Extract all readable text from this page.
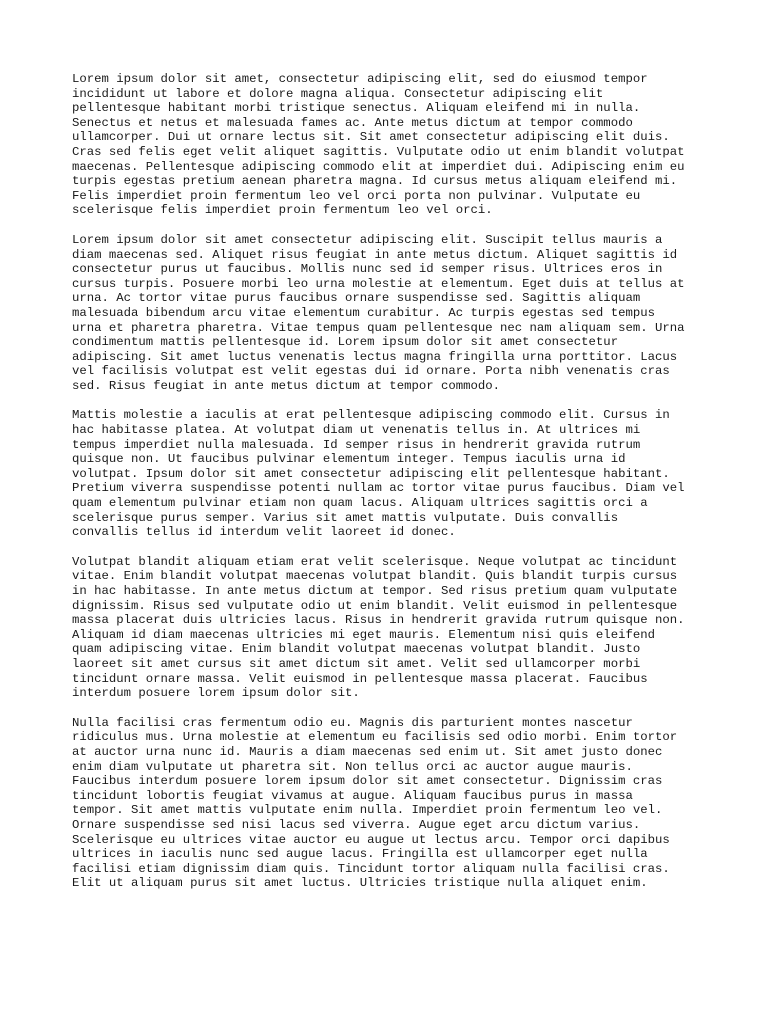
Lorem ipsum dolor sit amet, consectetur adipiscing elit, sed do eiusmod tempor
incididunt ut labore et dolore magna aliqua. Consectetur adipiscing elit
pellentesque habitant morbi tristique senectus. Aliquam eleifend mi in nulla.
Senectus et netus et malesuada fames ac. Ante metus dictum at tempor commodo
ullamcorper. Dui ut ornare lectus sit. Sit amet consectetur adipiscing elit duis.
Cras sed felis eget velit aliquet sagittis. Vulputate odio ut enim blandit volutpat
maecenas. Pellentesque adipiscing commodo elit at imperdiet dui. Adipiscing enim eu
turpis egestas pretium aenean pharetra magna. Id cursus metus aliquam eleifend mi.
Felis imperdiet proin fermentum leo vel orci porta non pulvinar. Vulputate eu
scelerisque felis imperdiet proin fermentum leo vel orci.
Lorem ipsum dolor sit amet consectetur adipiscing elit. Suscipit tellus mauris a
diam maecenas sed. Aliquet risus feugiat in ante metus dictum. Aliquet sagittis id
consectetur purus ut faucibus. Mollis nunc sed id semper risus. Ultrices eros in
cursus turpis. Posuere morbi leo urna molestie at elementum. Eget duis at tellus at
urna. Ac tortor vitae purus faucibus ornare suspendisse sed. Sagittis aliquam
malesuada bibendum arcu vitae elementum curabitur. Ac turpis egestas sed tempus
urna et pharetra pharetra. Vitae tempus quam pellentesque nec nam aliquam sem. Urna
condimentum mattis pellentesque id. Lorem ipsum dolor sit amet consectetur
adipiscing. Sit amet luctus venenatis lectus magna fringilla urna porttitor. Lacus
vel facilisis volutpat est velit egestas dui id ornare. Porta nibh venenatis cras
sed. Risus feugiat in ante metus dictum at tempor commodo.
Mattis molestie a iaculis at erat pellentesque adipiscing commodo elit. Cursus in
hac habitasse platea. At volutpat diam ut venenatis tellus in. At ultrices mi
tempus imperdiet nulla malesuada. Id semper risus in hendrerit gravida rutrum
quisque non. Ut faucibus pulvinar elementum integer. Tempus iaculis urna id
volutpat. Ipsum dolor sit amet consectetur adipiscing elit pellentesque habitant.
Pretium viverra suspendisse potenti nullam ac tortor vitae purus faucibus. Diam vel
quam elementum pulvinar etiam non quam lacus. Aliquam ultrices sagittis orci a
scelerisque purus semper. Varius sit amet mattis vulputate. Duis convallis
convallis tellus id interdum velit laoreet id donec.
Volutpat blandit aliquam etiam erat velit scelerisque. Neque volutpat ac tincidunt
vitae. Enim blandit volutpat maecenas volutpat blandit. Quis blandit turpis cursus
in hac habitasse. In ante metus dictum at tempor. Sed risus pretium quam vulputate
dignissim. Risus sed vulputate odio ut enim blandit. Velit euismod in pellentesque
massa placerat duis ultricies lacus. Risus in hendrerit gravida rutrum quisque non.
Aliquam id diam maecenas ultricies mi eget mauris. Elementum nisi quis eleifend
quam adipiscing vitae. Enim blandit volutpat maecenas volutpat blandit. Justo
laoreet sit amet cursus sit amet dictum sit amet. Velit sed ullamcorper morbi
tincidunt ornare massa. Velit euismod in pellentesque massa placerat. Faucibus
interdum posuere lorem ipsum dolor sit.
Nulla facilisi cras fermentum odio eu. Magnis dis parturient montes nascetur
ridiculus mus. Urna molestie at elementum eu facilisis sed odio morbi. Enim tortor
at auctor urna nunc id. Mauris a diam maecenas sed enim ut. Sit amet justo donec
enim diam vulputate ut pharetra sit. Non tellus orci ac auctor augue mauris.
Faucibus interdum posuere lorem ipsum dolor sit amet consectetur. Dignissim cras
tincidunt lobortis feugiat vivamus at augue. Aliquam faucibus purus in massa
tempor. Sit amet mattis vulputate enim nulla. Imperdiet proin fermentum leo vel.
Ornare suspendisse sed nisi lacus sed viverra. Augue eget arcu dictum varius.
Scelerisque eu ultrices vitae auctor eu augue ut lectus arcu. Tempor orci dapibus
ultrices in iaculis nunc sed augue lacus. Fringilla est ullamcorper eget nulla
facilisi etiam dignissim diam quis. Tincidunt tortor aliquam nulla facilisi cras.
Elit ut aliquam purus sit amet luctus. Ultricies tristique nulla aliquet enim.
